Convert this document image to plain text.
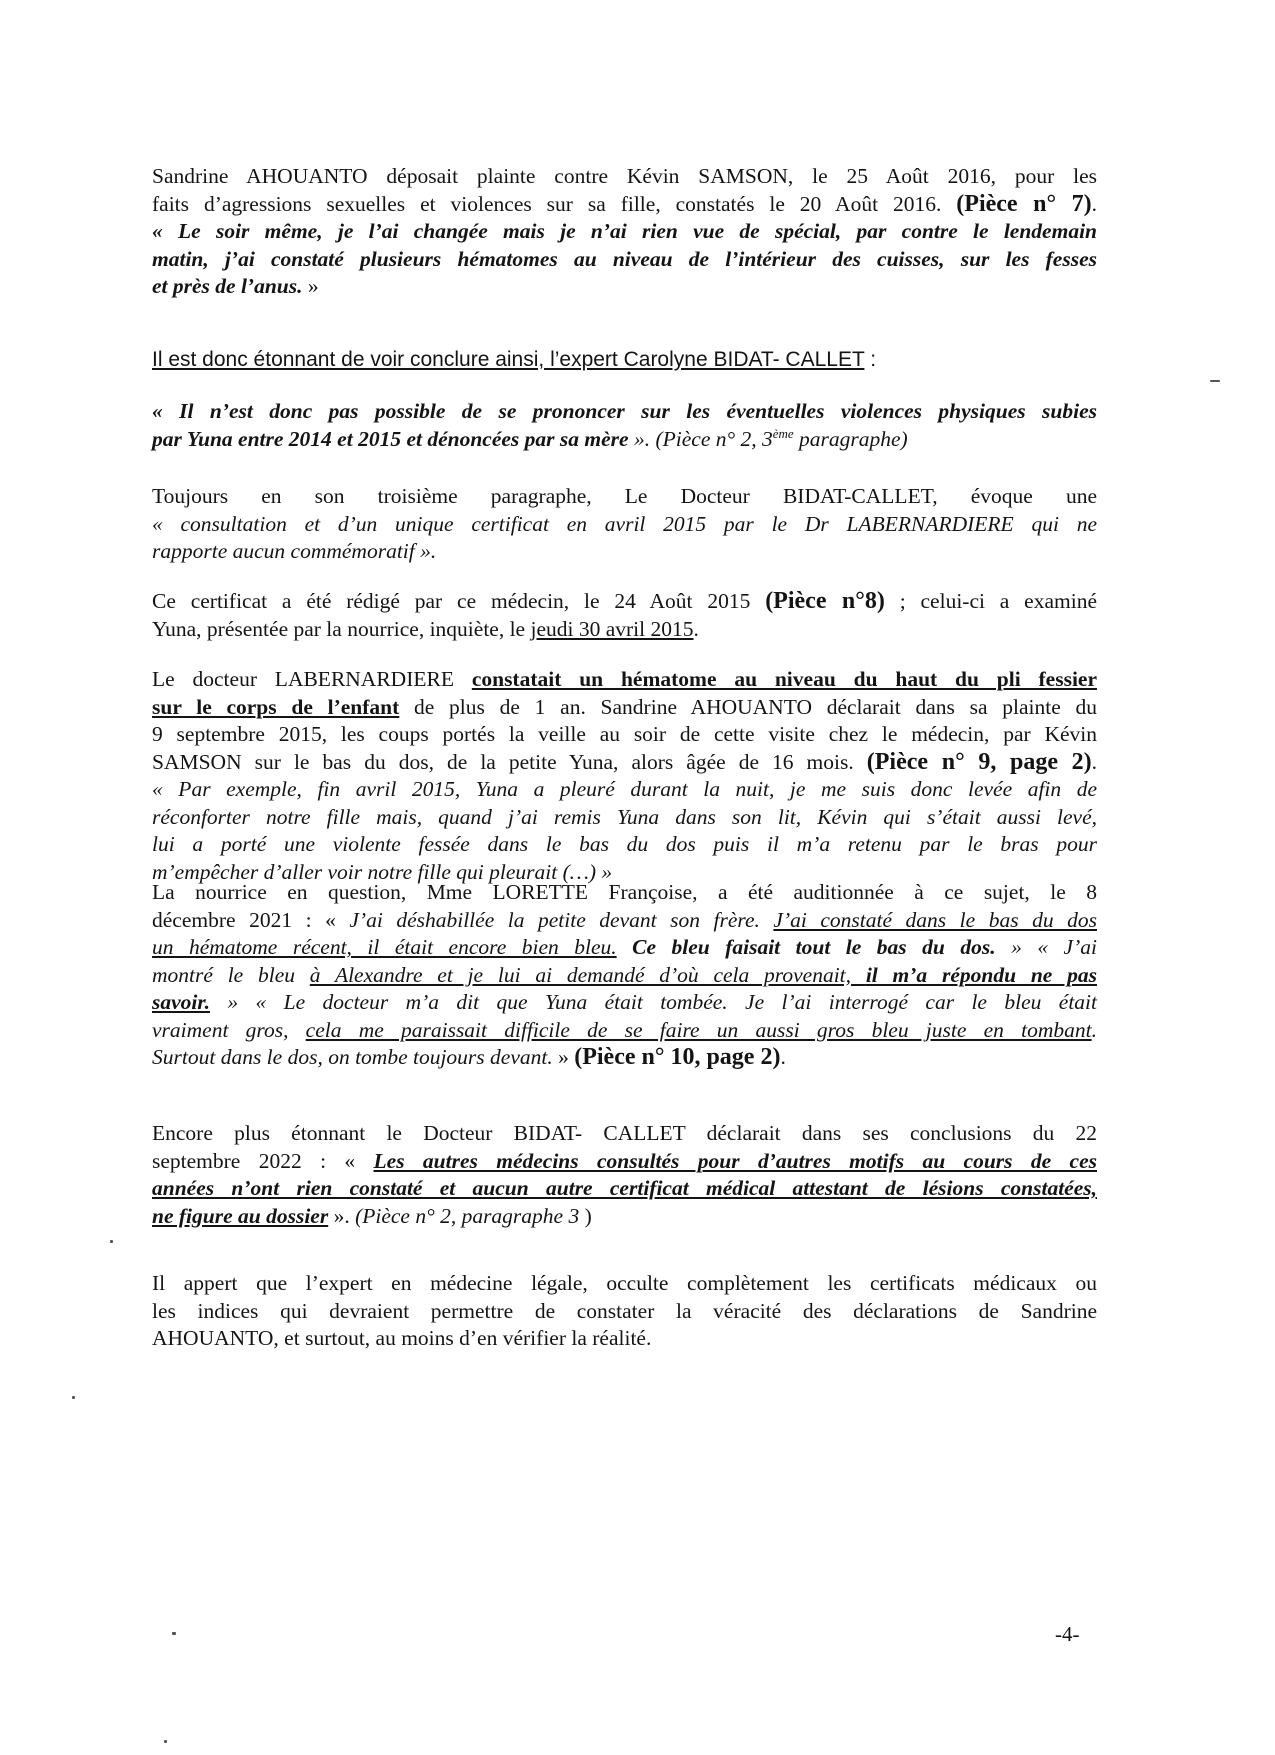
Sandrine AHOUANTO déposait plainte contre Kévin SAMSON, le 25 Août 2016, pour les
faits d’agressions sexuelles et violences sur sa fille, constatés le 20 Août 2016. (Pièce n° 7).
« Le soir même, je l’ai changée mais je n’ai rien vue de spécial, par contre le lendemain
matin, j’ai constaté plusieurs hématomes au niveau de l’intérieur des cuisses, sur les fesses
et près de l’anus. »
Il est donc étonnant de voir conclure ainsi, l’expert Carolyne BIDAT- CALLET :
« Il n’est donc pas possible de se prononcer sur les éventuelles violences physiques subies
par Yuna entre 2014 et 2015 et dénoncées par sa mère ». (Pièce n° 2, 3ème paragraphe)
Toujours en son troisième paragraphe, Le Docteur BIDAT-CALLET, évoque une
« consultation et d’un unique certificat en avril 2015 par le Dr LABERNARDIERE qui ne
rapporte aucun commémoratif ».
Ce certificat a été rédigé par ce médecin, le 24 Août 2015 (Pièce n°8) ; celui-ci a examiné
Yuna, présentée par la nourrice, inquiète, le jeudi 30 avril 2015.
Le docteur LABERNARDIERE constatait un hématome au niveau du haut du pli fessier
sur le corps de l’enfant de plus de 1 an. Sandrine AHOUANTO déclarait dans sa plainte du
9 septembre 2015, les coups portés la veille au soir de cette visite chez le médecin, par Kévin
SAMSON sur le bas du dos, de la petite Yuna, alors âgée de 16 mois. (Pièce n° 9, page 2).
« Par exemple, fin avril 2015, Yuna a pleuré durant la nuit, je me suis donc levée afin de
réconforter notre fille mais, quand j’ai remis Yuna dans son lit, Kévin qui s’était aussi levé,
lui a porté une violente fessée dans le bas du dos puis il m’a retenu par le bras pour
m’empêcher d’aller voir notre fille qui pleurait (…) »
La nourrice en question, Mme LORETTE Françoise, a été auditionnée à ce sujet, le 8
décembre 2021 : « J’ai déshabillée la petite devant son frère. J’ai constaté dans le bas du dos
un hématome récent, il était encore bien bleu. Ce bleu faisait tout le bas du dos. » « J’ai
montré le bleu à Alexandre et je lui ai demandé d’où cela provenait, il m’a répondu ne pas
savoir. » « Le docteur m’a dit que Yuna était tombée. Je l’ai interrogé car le bleu était
vraiment gros, cela me paraissait difficile de se faire un aussi gros bleu juste en tombant.
Surtout dans le dos, on tombe toujours devant. » (Pièce n° 10, page 2).
Encore plus étonnant le Docteur BIDAT- CALLET déclarait dans ses conclusions du 22
septembre 2022 : « Les autres médecins consultés pour d’autres motifs au cours de ces
années n’ont rien constaté et aucun autre certificat médical attestant de lésions constatées,
ne figure au dossier ». (Pièce n° 2, paragraphe 3 )
Il appert que l’expert en médecine légale, occulte complètement les certificats médicaux ou
les indices qui devraient permettre de constater la véracité des déclarations de Sandrine
AHOUANTO, et surtout, au moins d’en vérifier la réalité.
-4-
